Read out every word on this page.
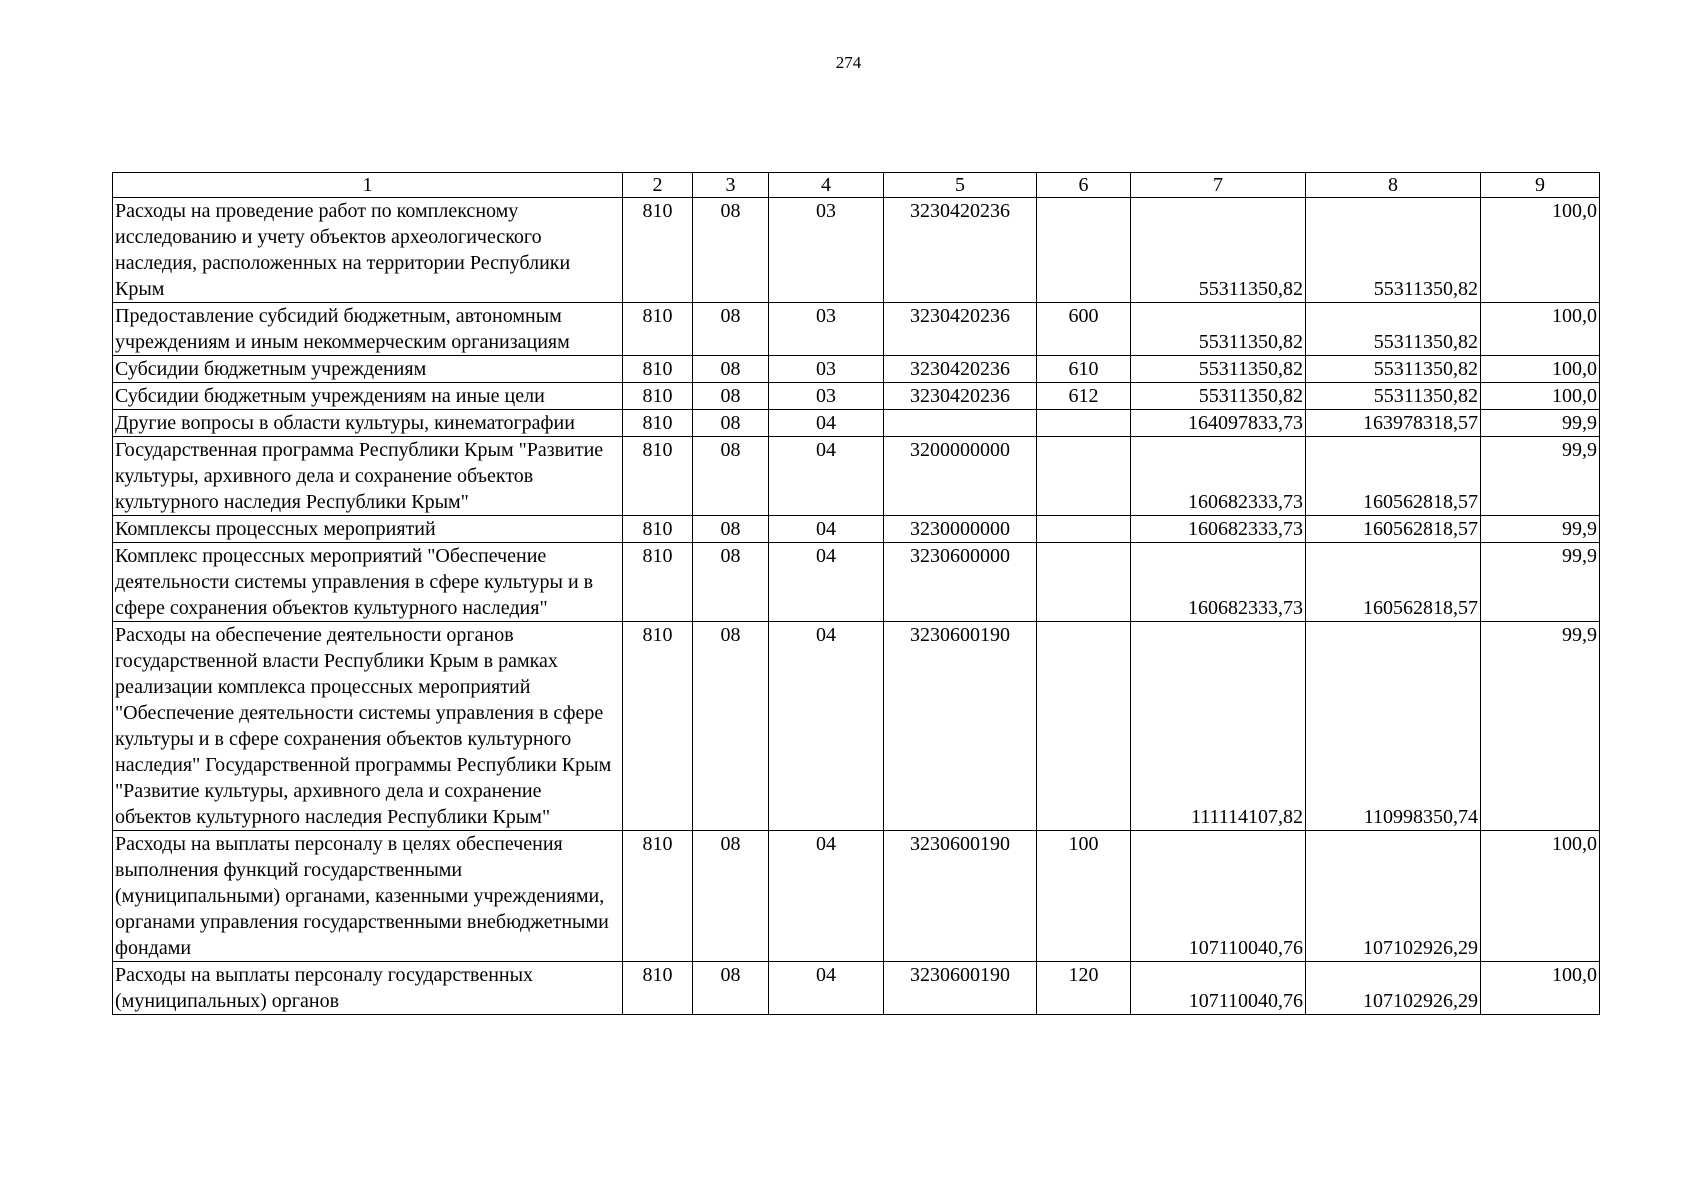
274
1	2	3	4	5	6	7	8	9
Расходы на проведение работ по комплексному исследованию и учету объектов археологического наследия, расположенных на территории Республики Крым	810	08	03	3230420236		55311350,82	55311350,82	100,0
Предоставление субсидий бюджетным, автономным учреждениям и иным некоммерческим организациям	810	08	03	3230420236	600	55311350,82	55311350,82	100,0
Субсидии бюджетным учреждениям	810	08	03	3230420236	610	55311350,82	55311350,82	100,0
Субсидии бюджетным учреждениям на иные цели	810	08	03	3230420236	612	55311350,82	55311350,82	100,0
Другие вопросы в области культуры, кинематографии	810	08	04			164097833,73	163978318,57	99,9
Государственная программа Республики Крым "Развитие культуры, архивного дела и сохранение объектов культурного наследия Республики Крым"	810	08	04	3200000000		160682333,73	160562818,57	99,9
Комплексы процессных мероприятий	810	08	04	3230000000		160682333,73	160562818,57	99,9
Комплекс процессных мероприятий "Обеспечение деятельности системы управления в сфере культуры и в сфере сохранения объектов культурного наследия"	810	08	04	3230600000		160682333,73	160562818,57	99,9
Расходы на обеспечение деятельности органов государственной власти Республики Крым в рамках реализации комплекса процессных мероприятий "Обеспечение деятельности системы управления в сфере культуры и в сфере сохранения объектов культурного наследия" Государственной программы Республики Крым "Развитие культуры, архивного дела и сохранение объектов культурного наследия Республики Крым"	810	08	04	3230600190		111114107,82	110998350,74	99,9
Расходы на выплаты персоналу в целях обеспечения выполнения функций государственными (муниципальными) органами, казенными учреждениями, органами управления государственными внебюджетными фондами	810	08	04	3230600190	100	107110040,76	107102926,29	100,0
Расходы на выплаты персоналу государственных (муниципальных) органов	810	08	04	3230600190	120	107110040,76	107102926,29	100,0
